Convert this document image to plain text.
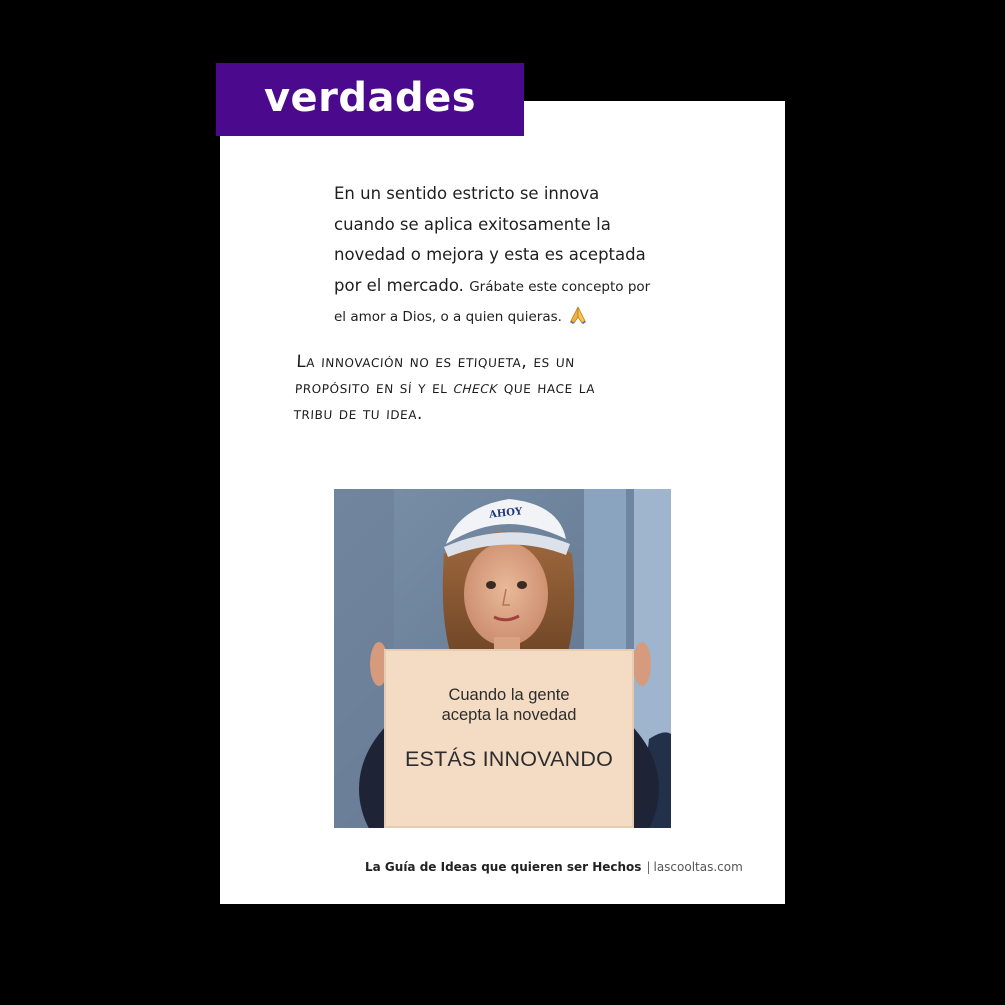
En un sentido estricto se innova
cuando se aplica exitosamente la
novedad o mejora y esta es aceptada
por el mercado. Grábate este concepto por
el amor a Dios, o a quien quieras.
La innovación no es etiqueta, es un
propósito en sí y el check que hace la
tribu de tu idea.
AHOY
Cuando la gente
acepta la novedad
ESTÁS INNOVANDO
La Guía de Ideas que quieren ser Hechos | lascooltas.com
verdades
